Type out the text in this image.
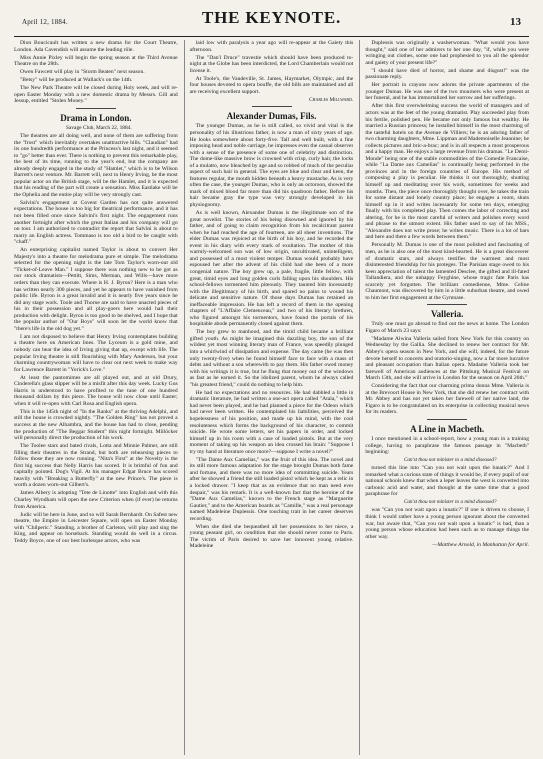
April 12, 1884.	THE KEYNOTE.	13

Dion Boucicault has written a new drama for the Court Theatre, London. Ada Cavendish will assume the leading rôle.

Miss Annie Pixley will begin the spring season at the Third Avenue Theatre on the 28th.

Owen Fawcett will play in "Storm Beaten" next season.

"Betsy" will be produced at Wallack's on the 14th.

The New Park Theatre will be closed during Holy week, and will re-open Easter Monday with a new domestic drama by Messrs. Gill and Jessup, entitled "Stolen Money."

Drama in London.

Savage Club, March 22, 1884.

The theatres are all doing well, and none of them are suffering from the "frost" which inevitably overtakes unattractive bills. "Claudian" had its one hundredth performance at the Princess's last night, and it seemed to "go" better than ever. There is nothing to prevent this remarkable play, the best of its time, running to the year's end, but the company are already deeply engaged in the study of "Hamlet," which is to be Wilson Barrett's next venture. Mr. Barrett will, next to Henry Irving, be the most popular actor on the British stage, will be the Hamlet, and it is expected that his reading of the part will create a sensation. Miss Eastlake will be the Ophelia and the entire play will be very strongly cast.

Salvini's engagement at Covent Garden has not quite answered expectations. The house is too big for theatrical performance, and it has not been filled once since Salvini's first night. The engagement runs another fortnight after which the great Italian and his company will go on tour. I am authorized to contradict the report that Salvini is about to marry an English actress. Tommaso is too old a bird to be caught with "chaff."

An enterprising capitalist named Taylor is about to convert Her Majesty's into a theatre for melodrama pure et simple. The melodrama selected for the opening night is the late Tom Taylor's worn-out old "Ticket-of-Leave Man." I suppose there was nothing new to be got as our stock dramatists—Pettitt, Sims, Merman, and Wills—have more orders than they can execute. Where is H. J. Byron? Here is a man who has written nearly 300 pieces, and yet he appears to have vanished from public life. Byron is a great invalid and it is nearly five years since he did any stage work. Toole and Thorne are said to have unacted pieces of his in their possession and all play-goers here would hail their production with delight. Byron is too good to be shelved, and I hope that the popular author of "Our Boys" will soon let the world know that "there's life in the old dog yet."

I am not disposed to believe that Henry Irving contemplates building a theatre here on American lines. The Lyceum is a gold mine, and nobody can bear the idea of Irving giving that up, except with life. The popular Irving theatre is still flourishing with Mary Anderson, but your charming countrywoman will have to clear out next week to make way for Lawrence Barrett in "Yorick's Love."

At least the pantomimes are all played out, and at old Drury, Cinderella's glass slipper will be a misfit after this day week. Lucky Gus Harris is understood to have profited to the tune of one hundred thousand dollars by this piece. The house will now close until Easter; when it will re-open with Carl Rosa and English opera.

This is the 145th night of "In the Ranks" at the thriving Adelphi, and still the house is crowded nightly. "The Golden Ring" has not proved a success at the new Alhambra, and the house has had to close, pending the production of "The Beggar Student" this night fortnight. Millöcker will personally direct the production of his work.

The Toolee stars and bated rivals, Lotta and Minnie Palmer, are still filling their theatres in the Strand, but both are rehearsing pieces to follow those they are now running. "Nita's First" at the Novelty is the first big success that Nelly Harris has scored. It is brimful of fun and capitally pointed. Dog's Vigil. At his manager Edgar Bruce has scored heavily with "Breaking a Butterfly" at the new Prince's. The piece is worth a dozen worn-out Gilbert's.

James Albery is adopting "Tete de Linotte" into English and with this Charley Wyndham will open the new Criterion when (if ever) he returns from America.

Judic will be here in June, and so will Sarah Bernhardt. On Safest new theatre, the Empire in Leicester Square, will open on Easter Monday with "Chilperic." Standing, a brother of Carleton, will play and sing the King, and appear on horseback. Standing would do well in a circus. Teddy Boyce, one of our best burlesque actors, who was

laid low with paralysis a year ago will re-appear at the Gaiety this afternoon.

The "Dan'l Druce" travestie which should have been produced to-night at the Globe has been interdicted, the Lord Chamberlain would not license it.

At Toole's, the Vaudeville, St. James, Haymarket, Olympic, and the four houses devoted to opera bouffe, the old bills are maintained and all are receiving excellent support.

Charles Millward.

Alexander Dumas, Fils.

The younger Dumas, as he is still called, so vivid and vital is the personality of his illustrious father, is now a man of sixty years of age. He looks somewhere about forty-five. Tall and well built, with a fine imposing head and noble carriage, he impresses even the casual observer with a sense of the presence of some one of celebrity and distinction. The dome-like massive brow is crowned with crisp, curly hair, the locks of a mulatto, now bleached by age and so robbed of much of the peculiar aspect of such hair in general. The eyes are blue and clear and keen, the features regular, the mouth hidden beneath a heavy mustache. As is very often the case, the younger Dumas, who is only an octoroon, showed the mark of mixed blood far more than did his quadroon father. Before his hair became gray the type was very strongly developed in his physiognomy.

As is well known, Alexander Dumas is the illegitimate son of the great novelist. The stories of his being disowned and ignored by his father, and of going to claim recognition from his recalcitrant parent when he had reached the age of fourteen, are all sheer inventions. The elder Dumas was rejoiced at the birth of his boy, and he recorded the event in his diary with every mark of exultation. The mother of this warmly-welcomed son was of low origin, uncultivated, unintelligent, and possessed of a most violent temper. Dumas would probably have espoused her after the advent of his child had she been of a more congenial nature. The boy grew up, a pale, fragile, little fellow, with great, timid eyes and long golden curls falling upon his shoulders. His school-fellows tormented him piteously. They taunted him incessantly with the illegitimacy of his birth, and spared no pains to wound his delicate and sensitive nature. Of those days Dumas has retained an ineffaceable impression. He has left a record of them in the opening chapters of "L'Affaire Clemenceau," and two of his literary brethren, who figured amongst his tormentors, have found the portals of his hospitable abode permanently closed against them.

The boy grew to manhood, and the timid child became a brilliant gifted youth. As might be imagined this dazzling boy, the son of the wildest yet most winning literary man of France, was speedily plunged into a whirlwind of dissipation and expense. The day came (he was then only twenty-five) when he found himself face to face with a mass of debts and without a sou wherewith to pay them. His father owed money with his writings it is true, but he flung that money out of the windows as fast as he earned it. So the idolized parent, whom he always called "his greatest friend," could do nothing to help him.

He had no expectations and no resources. He had dabbled a little in dramatic literature, he had written a one-act opera called "Atala," which had never been played, and he had planned a piece for the Odeon which had never been written. He contemplated his liabilities, perceived the hopelessness of his position, and made up his mind, with the cool resoluteness which forms the background of his character, to commit suicide. He wrote some letters, set his papers in order, and locked himself up in his room with a case of loaded pistols. But at the very moment of taking up his weapon an idea crossed his brain: "Suppose I try my hand at literature once more?—suppose I write a novel?"

"The Dame Aux Camelias," was the fruit of this idea. The novel and its still more famous adaptation for the stage brought Dumas both fame and fortune, and there was no more idea of committing suicide. Years after he showed a friend the still loaded pistol which he kept as a relic in a locked drawer. "I keep that as an evidence that no man need ever despair," was his remark. It is a well-known fact that the heroine of the "Dame Aux Camelias," known to the French stage as "Marguerite Gautier," and to the American boards as "Camille," was a real personage named Madeleine Duplessis. One touching trait in her career deserves recording.

When she died she bequeathed all her possessions to her niece, a young peasant girl, on condition that she should never come to Paris. The victim of Paris desired to save her innocent young relative. Madeleine

Duplessis was originally a washerwoman. "What would you have thought," said one of her admirers to her one day, "if, while you were wringing out clothes, some one had prophesied to you all the splendor and gaiety of your present life?"

"I should have died of horror, and shame and disgust!" was the passionate reply.

Her portrait in crayons now adorns the private apartments of the younger Dumas. He was one of the two mourners who were present at her funeral, and he has immortalized her sorrow and her sufferings.

After this first overwhelming success the world of managers and of actors was at the feet of the young dramatist. Play succeeded play from his fertile, polished pen. He became not only famous but wealthy. He married a Russian princess; he installed himself in the most charming of the tasteful hotels on the Avenue de Villiers; he is an adoring father of two charming daughters, Mme. Lippman and Mademoiselle Jeannine; he collects pictures and bric-a-brac; and is in all respects a most prosperous and a happy man. He enjoys a large revenue from his dramas. "Le Demi-Monde" being one of the stable commodities of the Comedie Francaise, while "La Dame aux Camelias" is continually being performed in the provinces and in the foreign countries of Europe. His method of composing a play is peculiar. He thinks it out thoroughly, shutting himself up and meditating over his work, sometimes for weeks and months. Then, the piece once thoroughly thought over, he takes the train for some distant and lonely country place; he engages a room, shuts himself up in it and writes incessantly for some ten days, emerging finally with his completed play. Then comes the labor of correcting and altering, for he is the most careful of writers and polishes every word and phrase to the utmost extent. His father used to say of his MSS., "Alexandre does not write prose; he writes music. There is a lot of bars and here and there a few words between them."

Personally M. Dumas is one of the most polished and fascinating of men, as he is also one of the most kind-hearted. He is a great discoverer of dramatic stars, and always testifies the warmest and most disinterested friendship for his proteges. The Parisian stage owed to his keen appreciation of talent the lamented Desclee, the gifted and ill-fated Tallandiera, and the unhappy Feyghine, whose tragic fate Paris has scarcely yet forgotten. The brilliant comedienne, Mme. Celine Chaumont, was discovered by him in a little suburban theatre, and owed to him her first engagement at the Gymnase.

Valleria.

Truly one must go abroad to find out the news at home. The London Figaro of March 23 says:

"Madame Alwina Valleria sailed from New York for this country on Wednesday by the Gallia. She declined to renew her contract for Mr. Abbey's opera season in New York, and she will, indeed, for the future devote herself to concerts and oratorio-singing, now a far more lucrative and pleasant occupation than Italian opera. Madame Valleria took her farewell of American audiences at the Pittsburg Musical Festival on March 13th, and she will arrive in London for the season on April 26th."

Considering the fact that our charming prima donna Mme. Valleria is at the Brevoort House in New York, that she did renew her contract with Mr. Abbey and has not yet taken her farewell of her native land, the Figaro is to be congratulated on its enterprise in collecting musical news for its readers.

A Line in Macbeth.

I once mentioned in a school-report, how a young man in a training college, having to paraphrase the famous passage in "Macbeth" beginning:

Can'st thou not minister to a mind diseased?

turned this line into "Can you not wait upon the lunatic?" And I remarked what a curious state of things it would be, if every pupil of our national schools knew that when a leper leaves the west is converted into carbonic acid and water, and thought at the same time that a good paraphrase for

Can'st thou not minister to a mind diseased?

was "Can you not wait upon a lunatic?" If one is driven to choose, I think I would rather have a young person ignorant about the converted war, but aware that, "Can you not wait upon a lunatic" is bad, than a young person whose education had been such as to manage things the other way.

—Matthew Arnold, in Manhattan for April.
